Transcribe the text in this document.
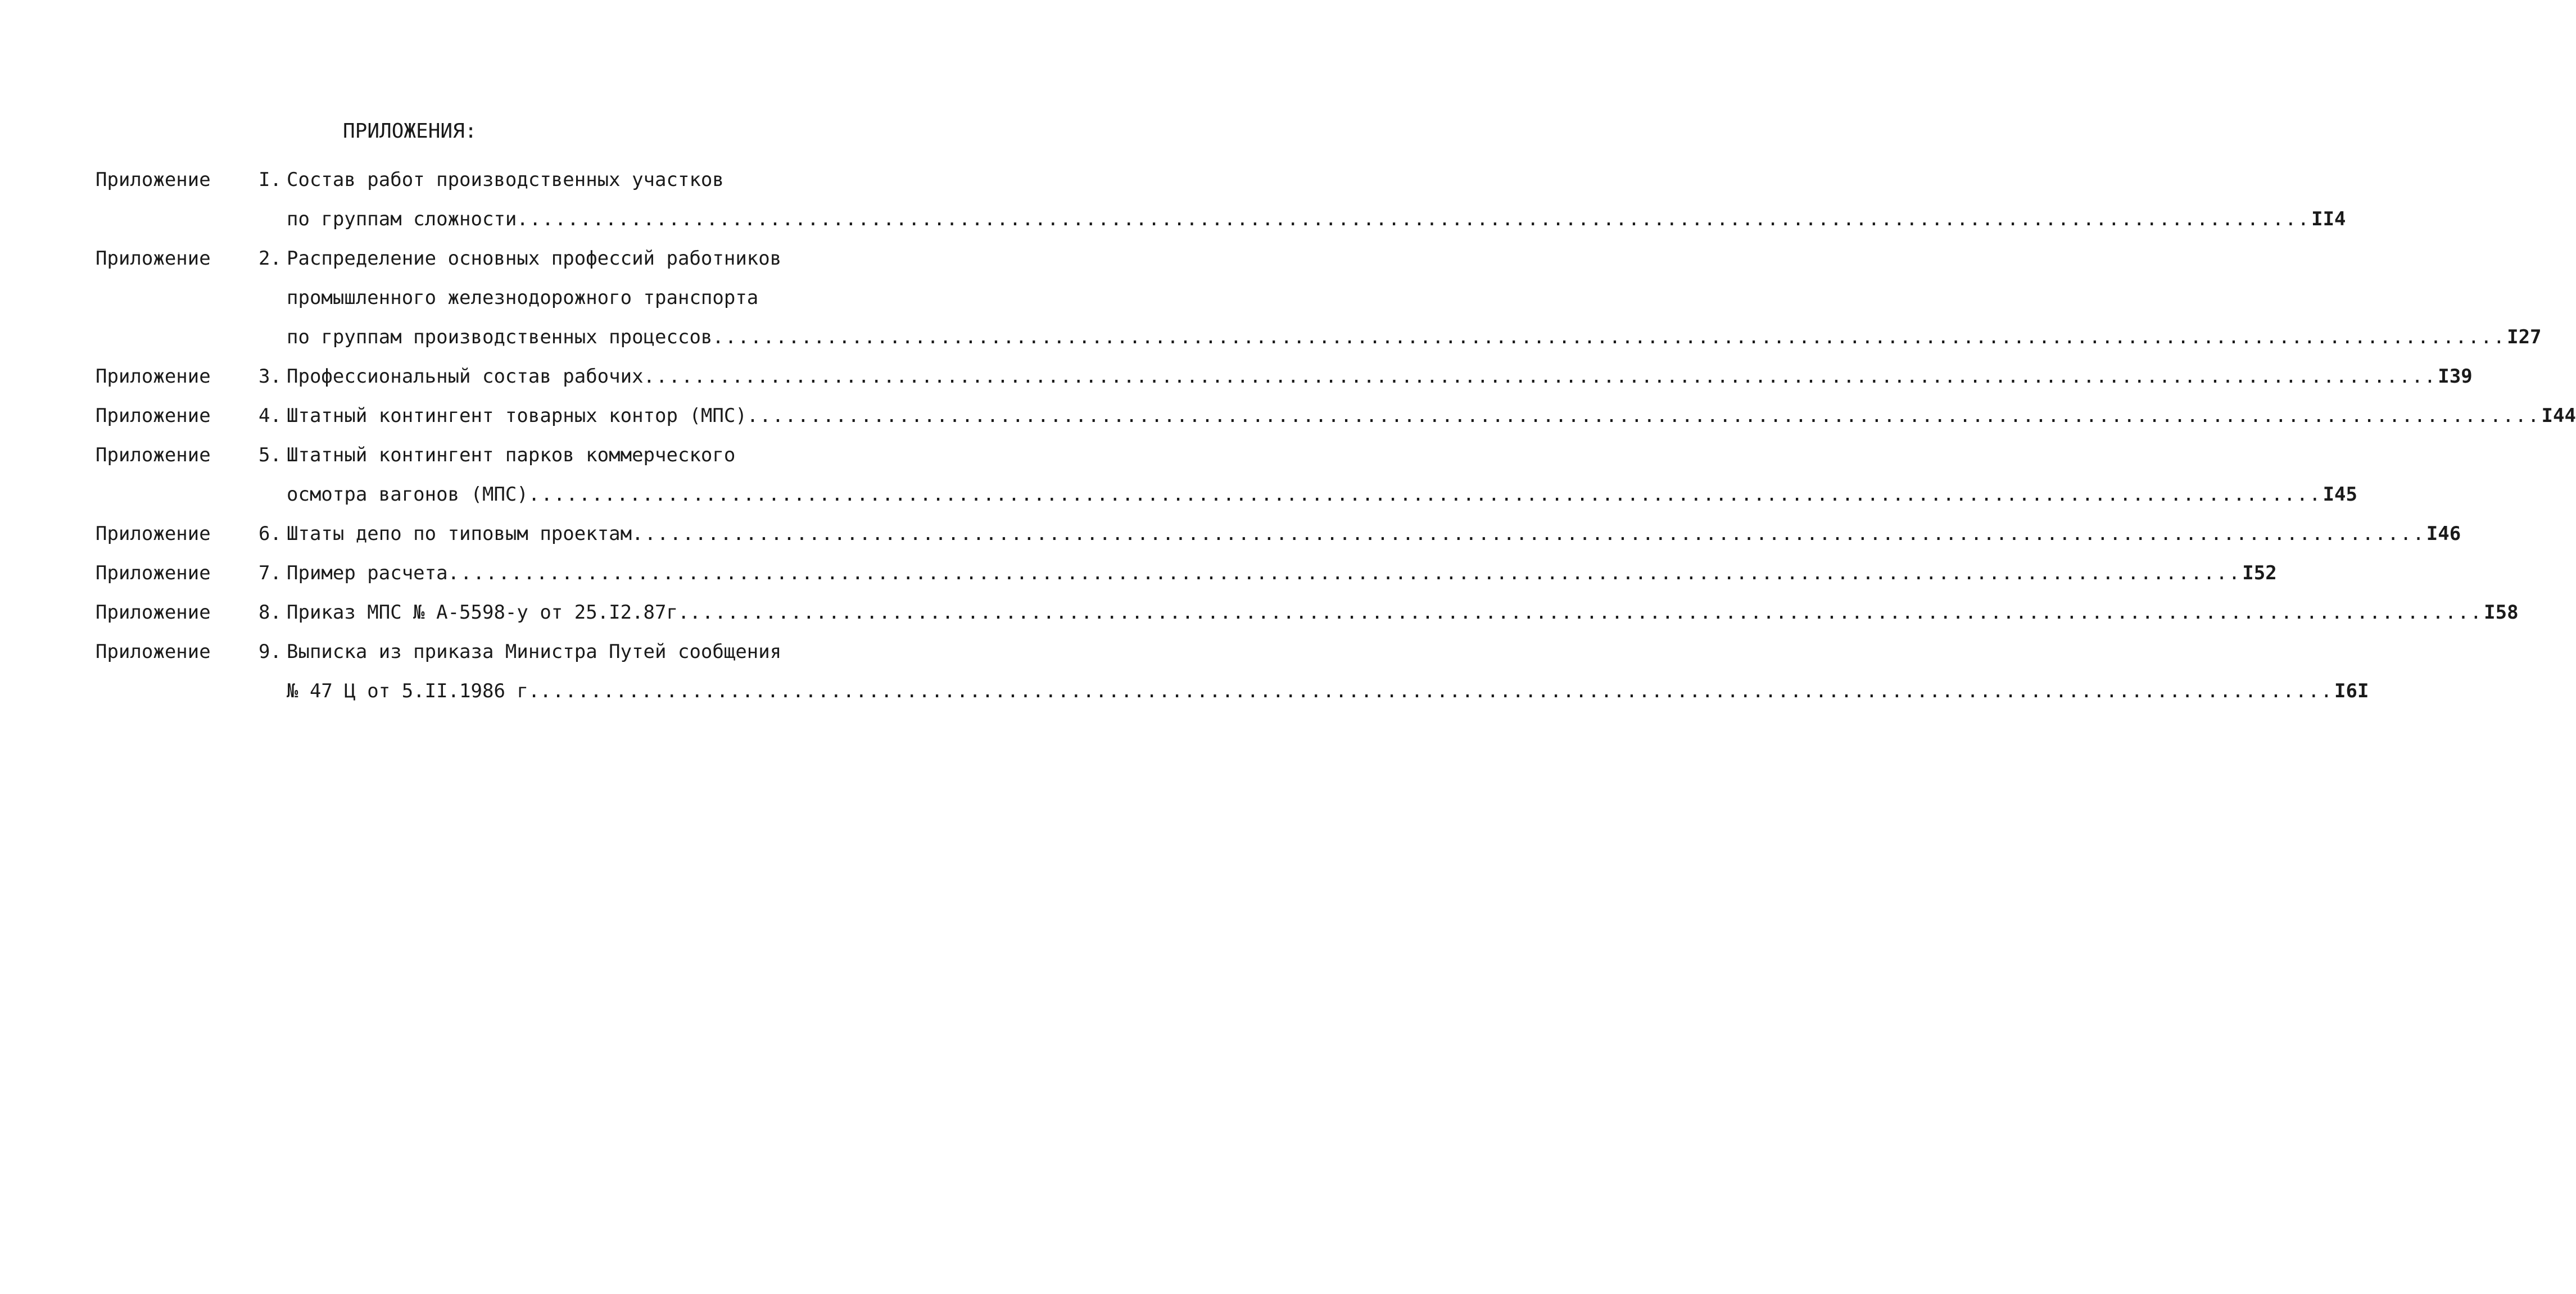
ПРИЛОЖЕНИЯ:
Приложение	I. Состав работ производственных участков
по группам сложности .....	II4
Приложение	2. Распределение основных профессий работников
промышленного железнодорожного транспорта
по группам производственных процессов .....	I27
Приложение	3. Профессиональный состав рабочих .....	I39
Приложение	4. Штатный контингент товарных контор (МПС) .....	I44
Приложение	5. Штатный контингент парков коммерческого
осмотра вагонов (МПС) .....	I45
Приложение	6. Штаты депо по типовым проектам .....	I46
Приложение	7. Пример расчета .....	I52
Приложение	8. Приказ МПС № А-5598-у от 25.I2.87г. .....	I58
Приложение	9. Выписка из приказа Министра Путей сообщения
№ 47 Ц от 5.II.1986 г. .....	I6I
